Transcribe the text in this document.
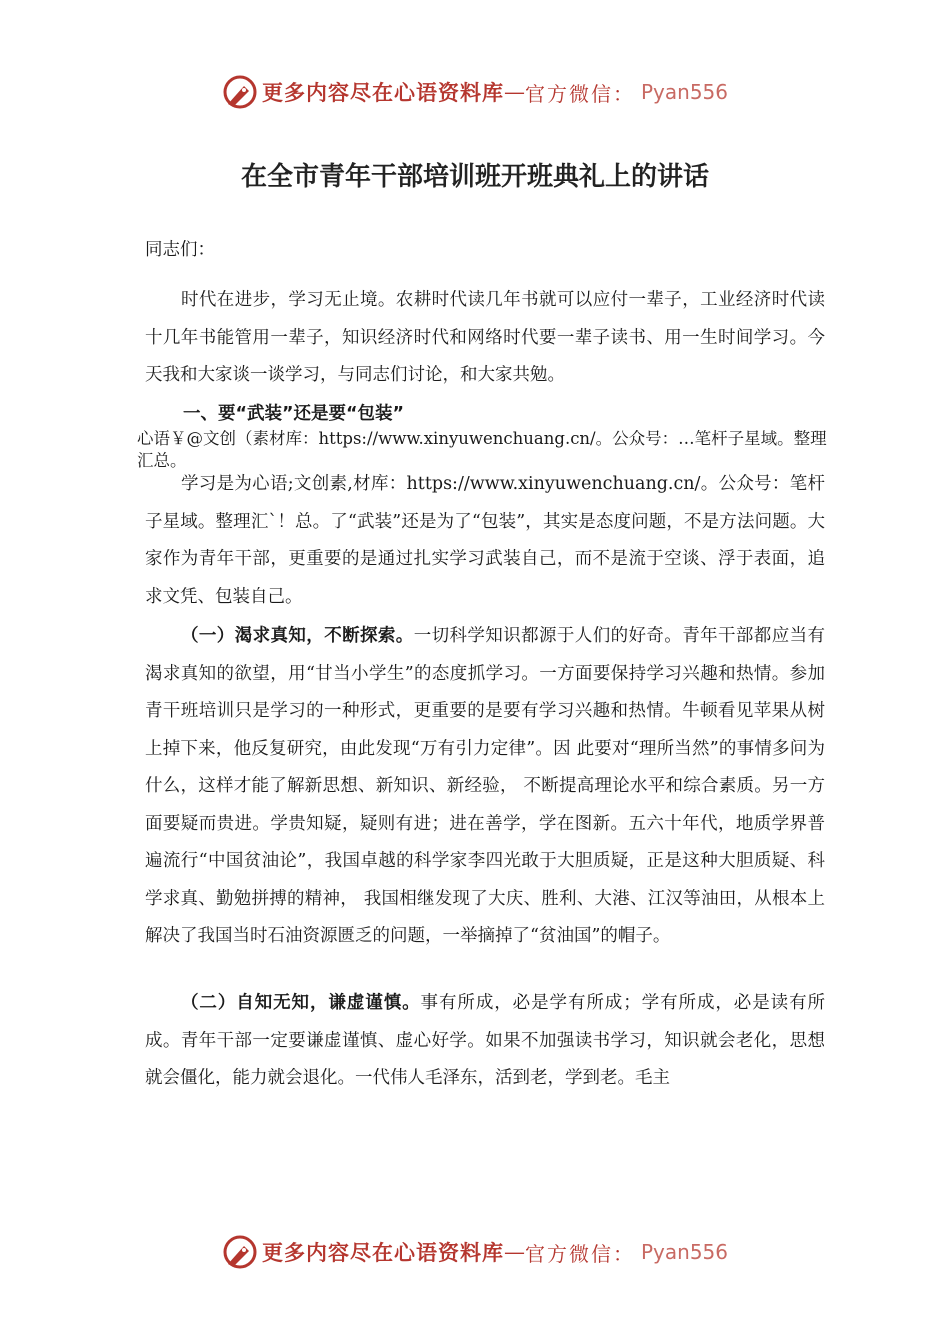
更多内容尽在心语资料库 — 官方微信： Pyan556
在全市青年干部培训班开班典礼上的讲话

同志们：

时代在进步，学习无止境。农耕时代读几年书就可以应付一辈子，工业经济时代读十几年书能管用一辈子，知识经济时代和网络时代要一辈子读书、用一生时间学习。今天我和大家谈一谈学习，与同志们讨论，和大家共勉。

一、要“武装”还是要“包装”

心语￥@文创（素材库：https://www.xinyuwenchuang.cn/。公众号：…笔杆子星域。整理汇总。

学习是为心语;文创素,材库：https://www.xinyuwenchuang.cn/。公众号：笔杆子星域。整理汇`！总。了“武装”还是为了“包装”，其实是态度问题，不是方法问题。大家作为青年干部，更重要的是通过扎实学习武装自己，而不是流于空谈、浮于表面，追求文凭、包装自己。

（一）渴求真知，不断探索。一切科学知识都源于人们的好奇。青年干部都应当有渴求真知的欲望，用“甘当小学生”的态度抓学习。一方面要保持学习兴趣和热情。参加青干班培训只是学习的一种形式，更重要的是要有学习兴趣和热情。牛顿看见苹果从树上掉下来，他反复研究，由此发现“万有引力定律”。因 此要对“理所当然”的事情多问为什么，这样才能了解新思想、新知识、新经验， 不断提高理论水平和综合素质。另一方面要疑而贵进。学贵知疑，疑则有进；进在善学，学在图新。五六十年代，地质学界普遍流行“中国贫油论”，我国卓越的科学家李四光敢于大胆质疑，正是这种大胆质疑、科学求真、勤勉拼搏的精神， 我国相继发现了大庆、胜利、大港、江汉等油田，从根本上解决了我国当时石油资源匮乏的问题，一举摘掉了“贫油国”的帽子。

（二）自知无知，谦虚谨慎。事有所成，必是学有所成；学有所成，必是读有所成。青年干部一定要谦虚谨慎、虚心好学。如果不加强读书学习，知识就会老化，思想就会僵化，能力就会退化。一代伟人毛泽东，活到老，学到老。毛主

更多内容尽在心语资料库 — 官方微信： Pyan556
